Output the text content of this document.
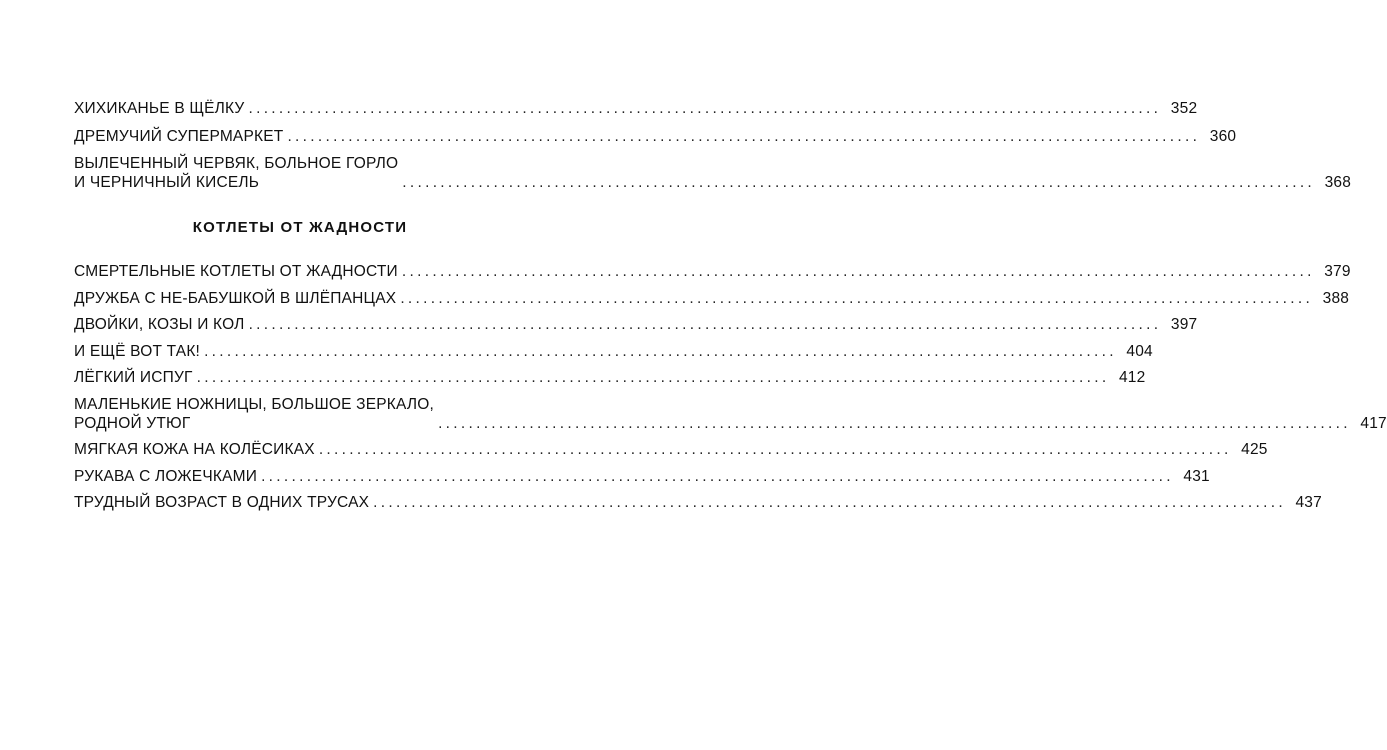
ХИХИКАНЬЕ В ЩЁЛКУ ........................................................................................................................ 352
ДРЕМУЧИЙ СУПЕРМАРКЕТ ........................................................................................................................ 360
ВЫЛЕЧЕННЫЙ ЧЕРВЯК, БОЛЬНОЕ ГОРЛО
И ЧЕРНИЧНЫЙ КИСЕЛЬ	........................................................................................................................ 368
КОТЛЕТЫ ОТ ЖАДНОСТИ
СМЕРТЕЛЬНЫЕ КОТЛЕТЫ ОТ ЖАДНОСТИ ........................................................................................................................ 379
ДРУЖБА С НЕ-БАБУШКОЙ В ШЛЁПАНЦАХ ........................................................................................................................ 388
ДВОЙКИ, КОЗЫ И КОЛ ........................................................................................................................ 397
И ЕЩЁ ВОТ ТАК! ........................................................................................................................ 404
ЛЁГКИЙ ИСПУГ ........................................................................................................................ 412
МАЛЕНЬКИЕ НОЖНИЦЫ, БОЛЬШОЕ ЗЕРКАЛО,
РОДНОЙ УТЮГ	........................................................................................................................ 417
МЯГКАЯ КОЖА НА КОЛЁСИКАХ ........................................................................................................................ 425
РУКАВА С ЛОЖЕЧКАМИ ........................................................................................................................ 431
ТРУДНЫЙ ВОЗРАСТ В ОДНИХ ТРУСАХ ........................................................................................................................ 437
